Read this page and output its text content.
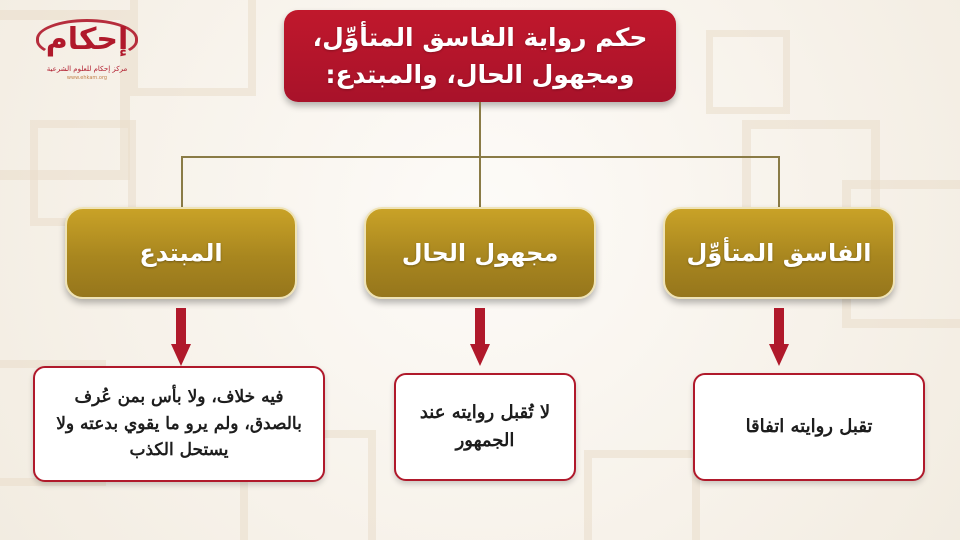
إحكام
مركز إحكام للعلوم الشرعية
www.ehkam.org
حكم رواية الفاسق المتأوِّل، ومجهول الحال، والمبتدع:
الفاسق المتأوِّل
مجهول الحال
المبتدع
تقبل روايته اتفاقا
لا تُقبل روايته عند الجمهور
فيه خلاف، ولا بأس بمن عُرف بالصدق، ولم يرو ما يقوي بدعته ولا يستحل الكذب
